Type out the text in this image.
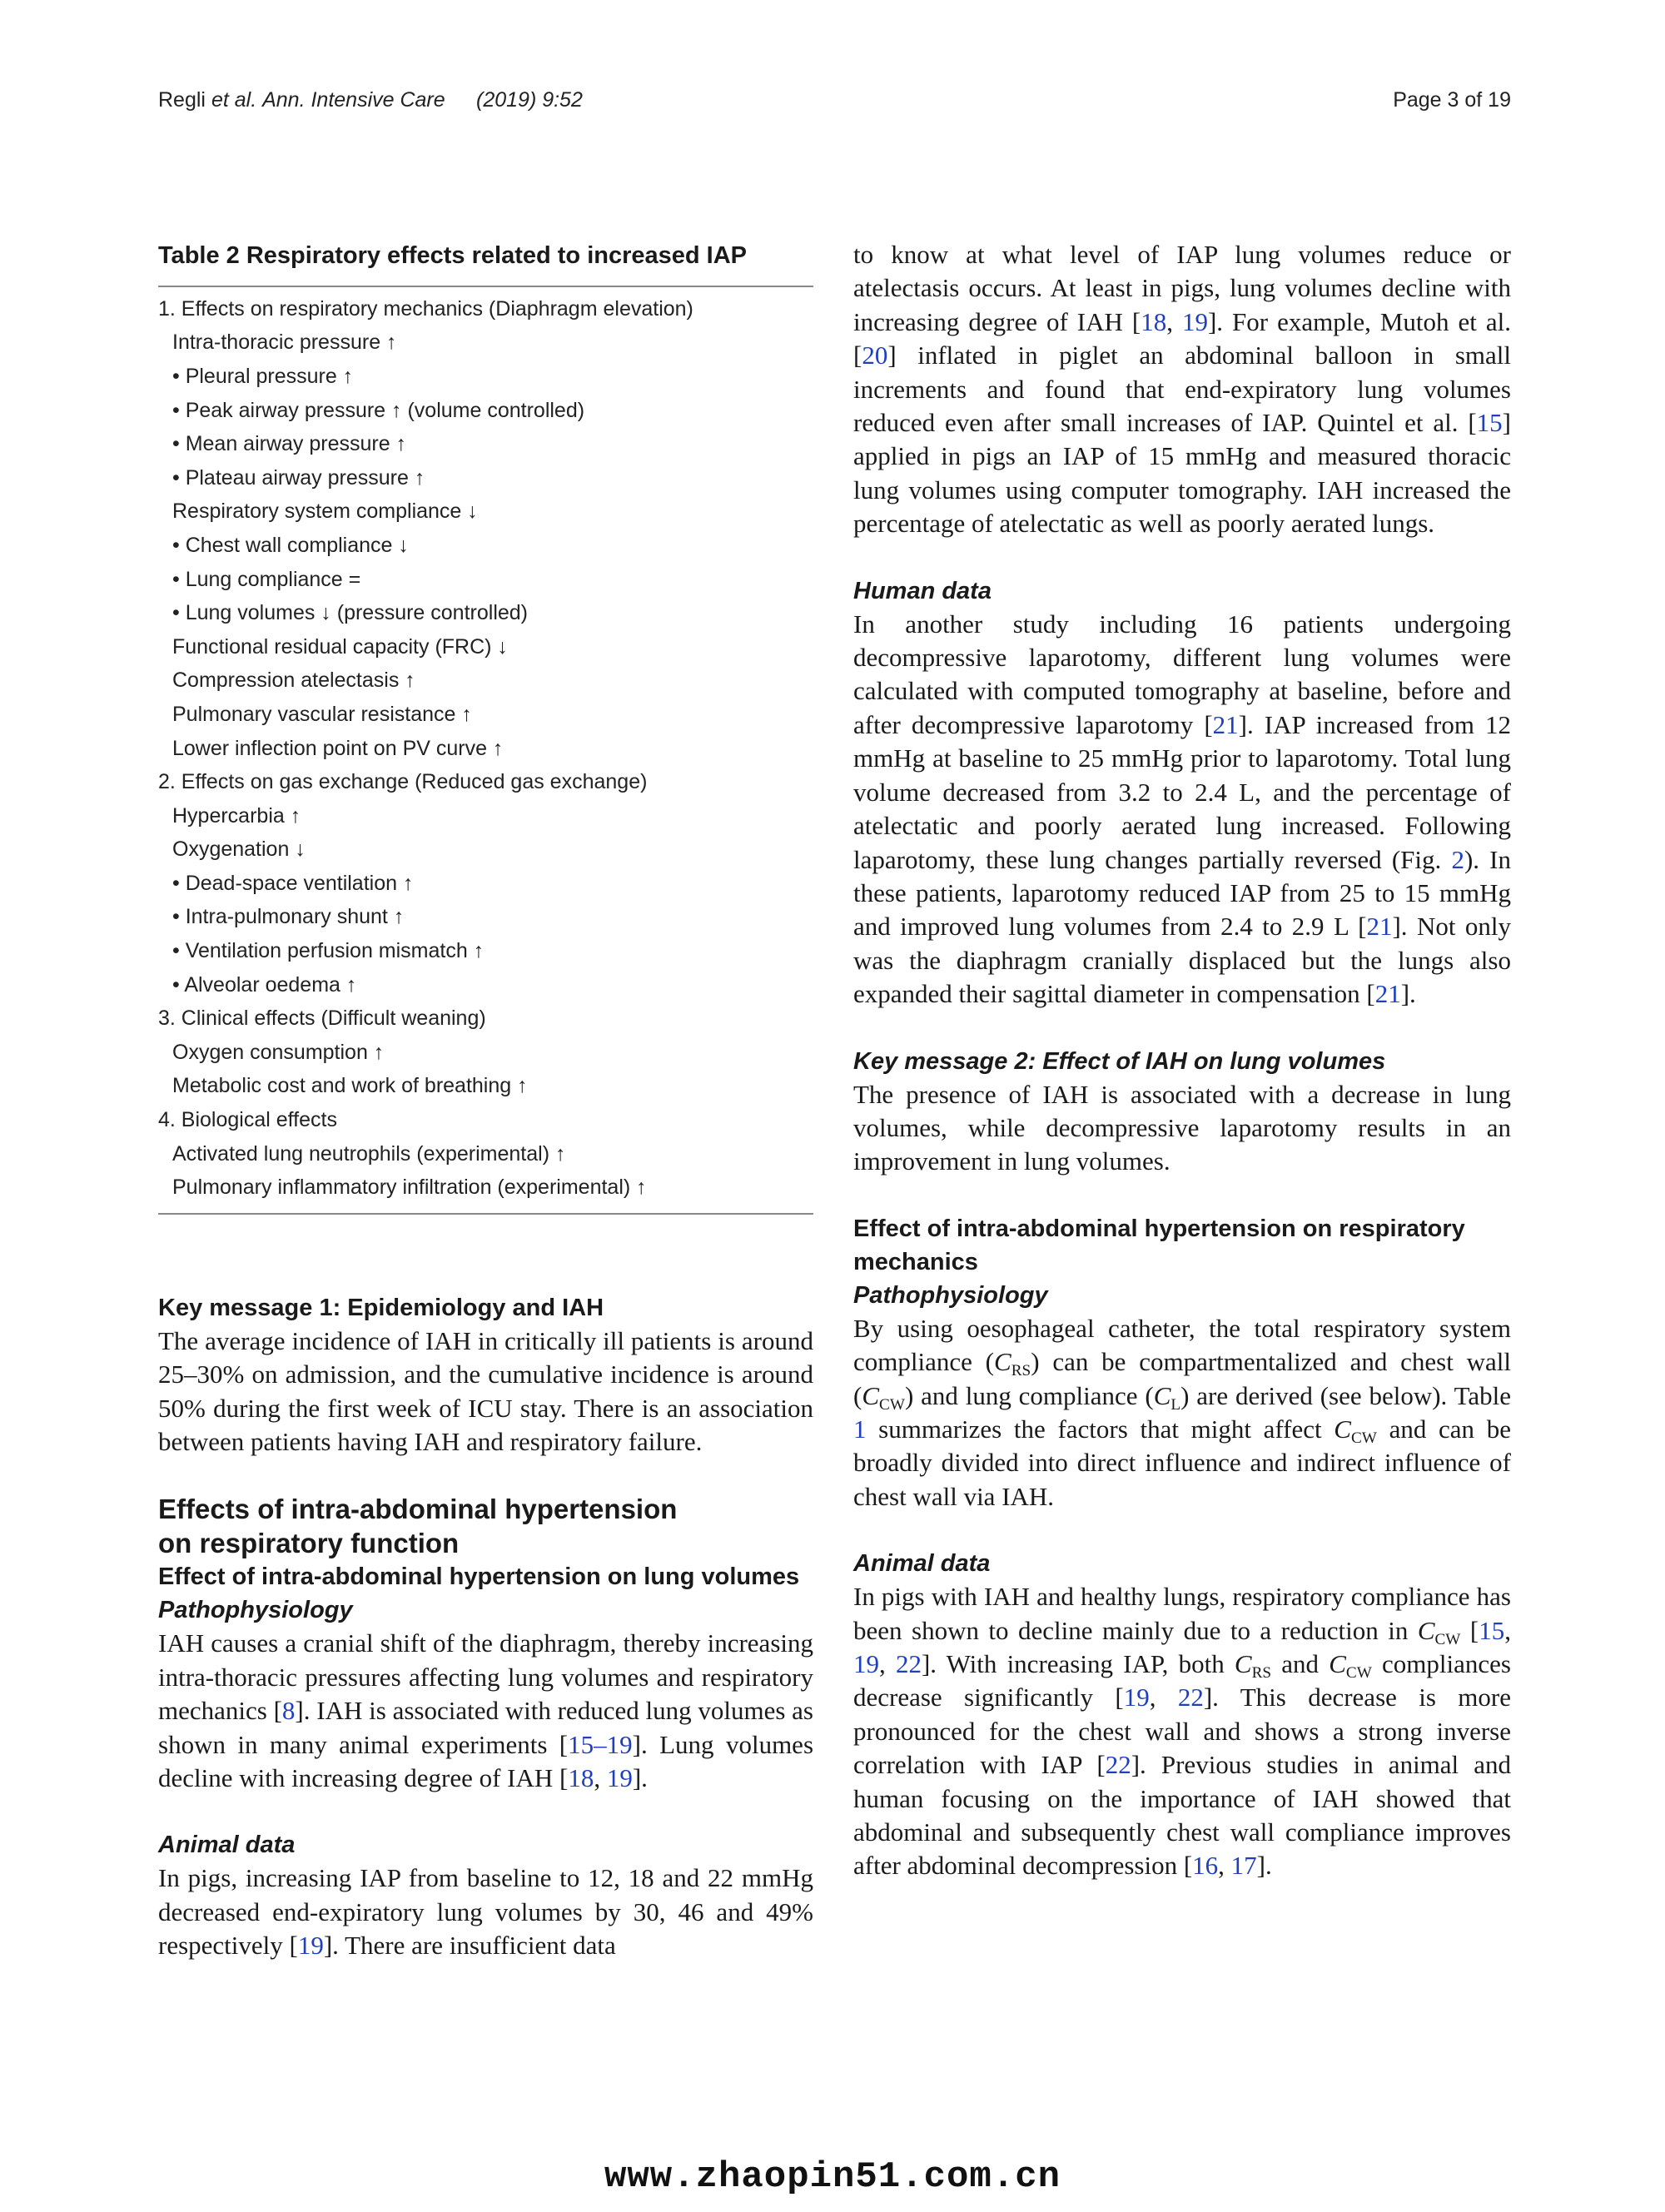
Regli et al. Ann. Intensive Care (2019) 9:52	Page 3 of 19
Table 2 Respiratory effects related to increased IAP
1. Effects on respiratory mechanics (Diaphragm elevation)
Intra-thoracic pressure ↑
• Pleural pressure ↑
• Peak airway pressure ↑ (volume controlled)
• Mean airway pressure ↑
• Plateau airway pressure ↑
Respiratory system compliance ↓
• Chest wall compliance ↓
• Lung compliance =
• Lung volumes ↓ (pressure controlled)
Functional residual capacity (FRC) ↓
Compression atelectasis ↑
Pulmonary vascular resistance ↑
Lower inflection point on PV curve ↑
2. Effects on gas exchange (Reduced gas exchange)
Hypercarbia ↑
Oxygenation ↓
• Dead-space ventilation ↑
• Intra-pulmonary shunt ↑
• Ventilation perfusion mismatch ↑
• Alveolar oedema ↑
3. Clinical effects (Difficult weaning)
Oxygen consumption ↑
Metabolic cost and work of breathing ↑
4. Biological effects
Activated lung neutrophils (experimental) ↑
Pulmonary inflammatory infiltration (experimental) ↑

Key message 1: Epidemiology and IAH

The average incidence of IAH in critically ill patients is around 25–30% on admission, and the cumulative incidence is around 50% during the first week of ICU stay. There is an association between patients having IAH and respiratory failure.

Effects of intra-abdominal hypertension
on respiratory function

Effect of intra-abdominal hypertension on lung volumes

Pathophysiology

IAH causes a cranial shift of the diaphragm, thereby increasing intra-thoracic pressures affecting lung volumes and respiratory mechanics [8]. IAH is associated with reduced lung volumes as shown in many animal experiments [15–19]. Lung volumes decline with increasing degree of IAH [18, 19].

Animal data

In pigs, increasing IAP from baseline to 12, 18 and 22 mmHg decreased end-expiratory lung volumes by 30, 46 and 49% respectively [19]. There are insufficient data

to know at what level of IAP lung volumes reduce or atelectasis occurs. At least in pigs, lung volumes decline with increasing degree of IAH [18, 19]. For example, Mutoh et al. [20] inflated in piglet an abdominal balloon in small increments and found that end-expiratory lung volumes reduced even after small increases of IAP. Quintel et al. [15] applied in pigs an IAP of 15 mmHg and measured thoracic lung volumes using computer tomography. IAH increased the percentage of atelectatic as well as poorly aerated lungs.

Human data

In another study including 16 patients undergoing decompressive laparotomy, different lung volumes were calculated with computed tomography at baseline, before and after decompressive laparotomy [21]. IAP increased from 12 mmHg at baseline to 25 mmHg prior to laparotomy. Total lung volume decreased from 3.2 to 2.4 L, and the percentage of atelectatic and poorly aerated lung increased. Following laparotomy, these lung changes partially reversed (Fig. 2). In these patients, laparotomy reduced IAP from 25 to 15 mmHg and improved lung volumes from 2.4 to 2.9 L [21]. Not only was the diaphragm cranially displaced but the lungs also expanded their sagittal diameter in compensation [21].

Key message 2: Effect of IAH on lung volumes

The presence of IAH is associated with a decrease in lung volumes, while decompressive laparotomy results in an improvement in lung volumes.

Effect of intra-abdominal hypertension on respiratory
mechanics

Pathophysiology

By using oesophageal catheter, the total respiratory system compliance $(C_{RS})$ can be compartmentalized and chest wall $(C_{CW})$ and lung compliance $(C_L)$ are derived (see below). Table 1 summarizes the factors that might affect $C_{CW}$ and can be broadly divided into direct influence and indirect influence of chest wall via IAH.

Animal data

In pigs with IAH and healthy lungs, respiratory compliance has been shown to decline mainly due to a reduction in $C_{CW}$ [15, 19, 22]. With increasing IAP, both $C_{RS}$ and $C_{CW}$ compliances decrease significantly [19, 22]. This decrease is more pronounced for the chest wall and shows a strong inverse correlation with IAP [22]. Previous studies in animal and human focusing on the importance of IAH showed that abdominal and subsequently chest wall compliance improves after abdominal decompression [16, 17].

www.zhaopin51.com.cn
